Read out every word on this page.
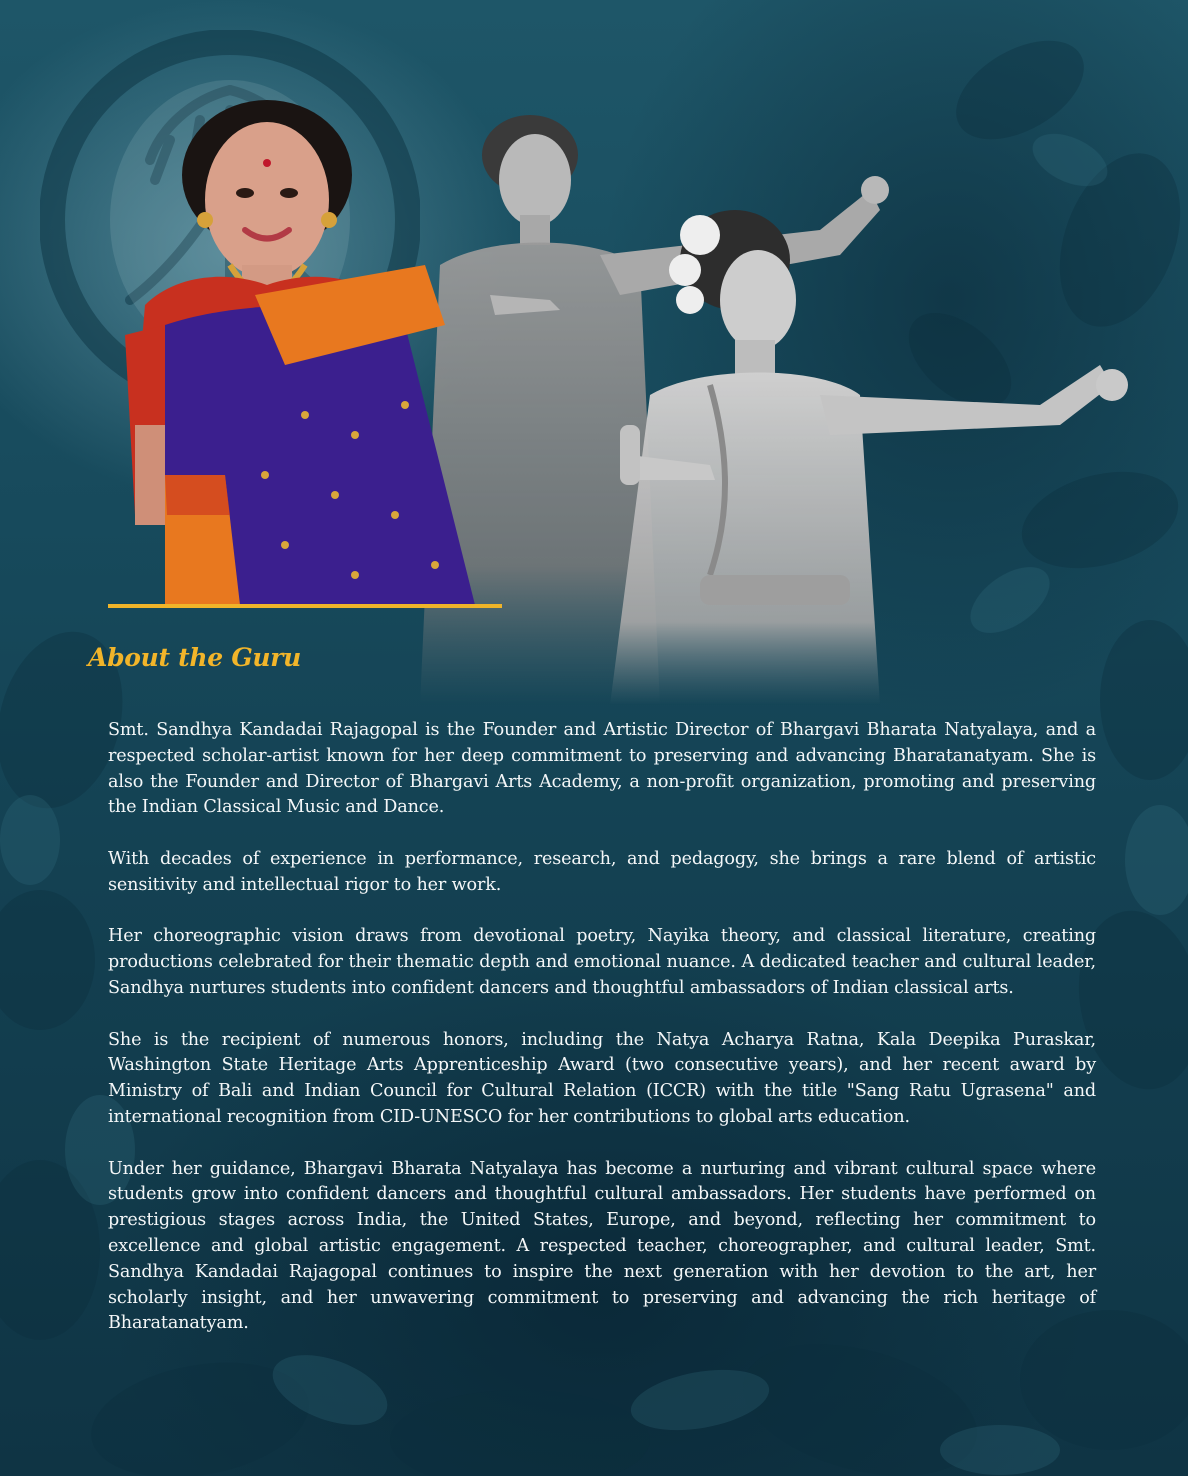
About the Guru

Smt. Sandhya Kandadai Rajagopal is the Founder and Artistic Director of Bhargavi Bharata Natyalaya, and a respected scholar-artist known for her deep commitment to preserving and advancing Bharatanatyam. She is also the Founder and Director of Bhargavi Arts Academy, a non-profit organization, promoting and preserving the Indian Classical Music and Dance.

With decades of experience in performance, research, and pedagogy, she brings a rare blend of artistic sensitivity and intellectual rigor to her work.

Her choreographic vision draws from devotional poetry, Nayika theory, and classical literature, creating productions celebrated for their thematic depth and emotional nuance. A dedicated teacher and cultural leader, Sandhya nurtures students into confident dancers and thoughtful ambassadors of Indian classical arts.

She is the recipient of numerous honors, including the Natya Acharya Ratna, Kala Deepika Puraskar, Washington State Heritage Arts Apprenticeship Award (two consecutive years), and her recent award by Ministry of Bali and Indian Council for Cultural Relation (ICCR) with the title "Sang Ratu Ugrasena" and international recognition from CID-UNESCO for her contributions to global arts education.

Under her guidance, Bhargavi Bharata Natyalaya has become a nurturing and vibrant cultural space where students grow into confident dancers and thoughtful cultural ambassadors. Her students have performed on prestigious stages across India, the United States, Europe, and beyond, reflecting her commitment to excellence and global artistic engagement. A respected teacher, choreographer, and cultural leader, Smt. Sandhya Kandadai Rajagopal continues to inspire the next generation with her devotion to the art, her scholarly insight, and her unwavering commitment to preserving and advancing the rich heritage of Bharatanatyam.
